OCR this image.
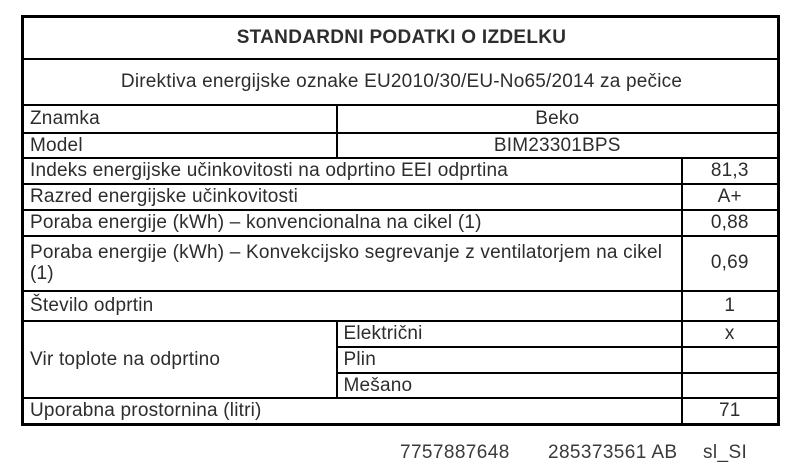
STANDARDNI PODATKI O IZDELKU		
Direktiva energijske oznake EU2010/30/EU-No65/2014 za pečice		
Znamka	Beko	
Model	BIM23301BPS	
Indeks energijske učinkovitosti na odprtino EEI odprtina		81,3
Razred energijske učinkovitosti		A+
Poraba energije (kWh) – konvencionalna na cikel (1)		0,88
Poraba energije (kWh) – Konvekcijsko segrevanje z ventilatorjem na cikel (1)		0,69
Število odprtin		1
Vir toplote na odprtino	Električni	x
	Plin	
	Mešano	
Uporabna prostornina (litri)		71
7757887648 285373561 AB sl_SI
